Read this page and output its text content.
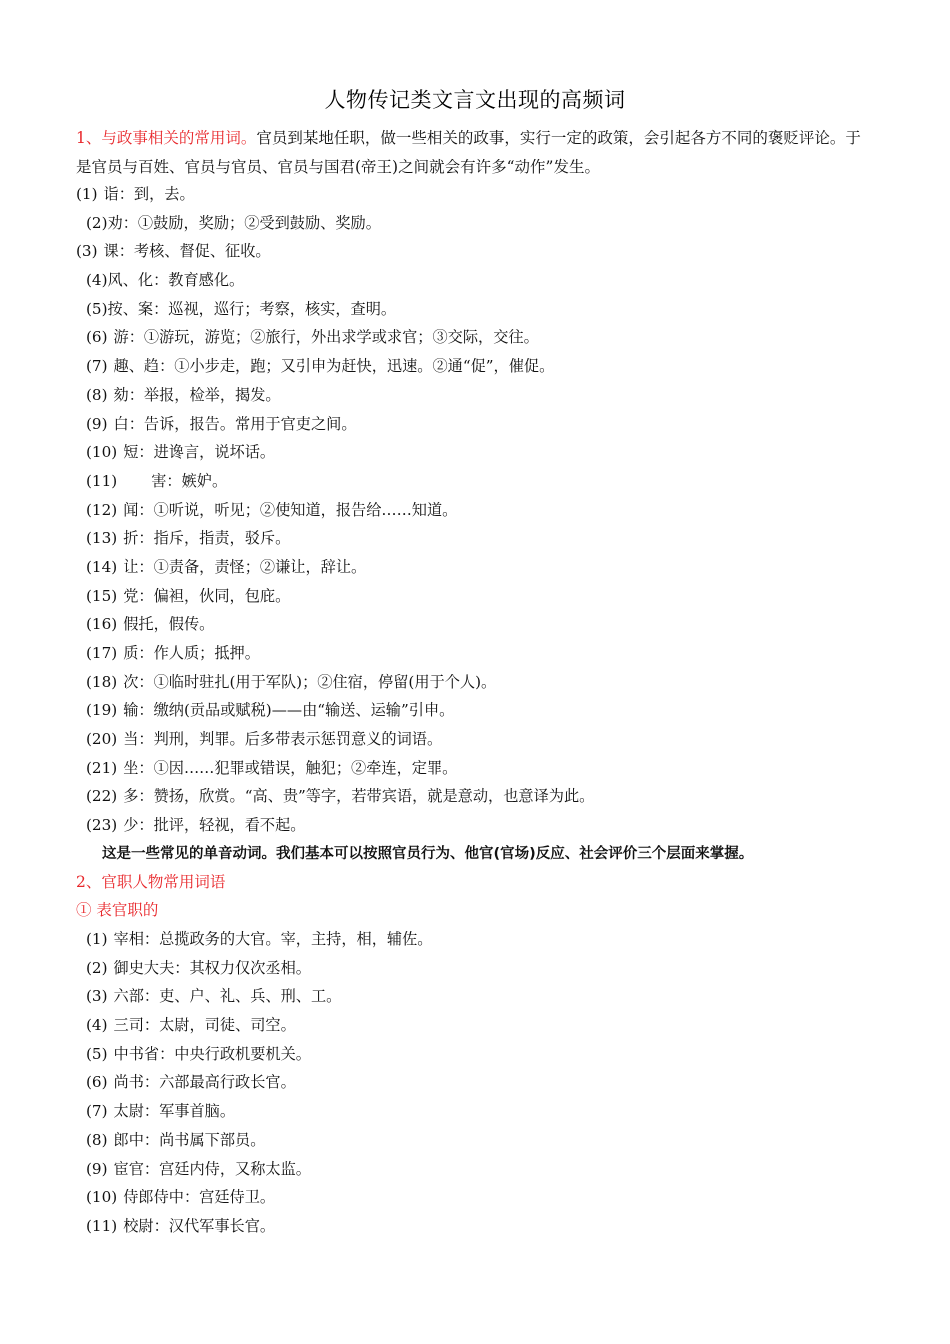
人物传记类文言文出现的高频词
1、与政事相关的常用词。官员到某地任职，做一些相关的政事，实行一定的政策，会引起各方不同的褒贬评论。于是官员与百姓、官员与官员、官员与国君(帝王)之间就会有许多“动作”发生。
(1) 诣：到，去。
(2)劝：①鼓励，奖励；②受到鼓励、奖励。
(3) 课：考核、督促、征收。
(4)风、化：教育感化。
(5)按、案：巡视，巡行；考察，核实，查明。
(6) 游：①游玩，游览；②旅行，外出求学或求官；③交际，交往。
(7) 趣、趋：①小步走，跑；又引申为赶快，迅速。②通“促”，催促。
(8) 劾：举报，检举，揭发。
(9) 白：告诉，报告。常用于官吏之间。
(10) 短：进谗言，说坏话。
(11) 害：嫉妒。
(12) 闻：①听说，听见；②使知道，报告给……知道。
(13) 折：指斥，指责，驳斥。
(14) 让：①责备，责怪；②谦让，辞让。
(15) 党：偏袒，伙同，包庇。
(16) 假托，假传。
(17) 质：作人质；抵押。
(18) 次：①临时驻扎(用于军队)；②住宿，停留(用于个人)。
(19) 输：缴纳(贡品或赋税)——由“输送、运输”引申。
(20) 当：判刑，判罪。后多带表示惩罚意义的词语。
(21) 坐：①因……犯罪或错误，触犯；②牵连，定罪。
(22) 多：赞扬，欣赏。“高、贵”等字，若带宾语，就是意动，也意译为此。
(23) 少：批评，轻视，看不起。
这是一些常见的单音动词。我们基本可以按照官员行为、他官(官场)反应、社会评价三个层面来掌握。
2、官职人物常用词语
① 表官职的
(1) 宰相：总揽政务的大官。宰，主持，相，辅佐。
(2) 御史大夫：其权力仅次丞相。
(3) 六部：吏、户、礼、兵、刑、工。
(4) 三司：太尉，司徒、司空。
(5) 中书省：中央行政机要机关。
(6) 尚书：六部最高行政长官。
(7) 太尉：军事首脑。
(8) 郎中：尚书属下部员。
(9) 宦官：宫廷内侍，又称太监。
(10) 侍郎侍中：宫廷侍卫。
(11) 校尉：汉代军事长官。
